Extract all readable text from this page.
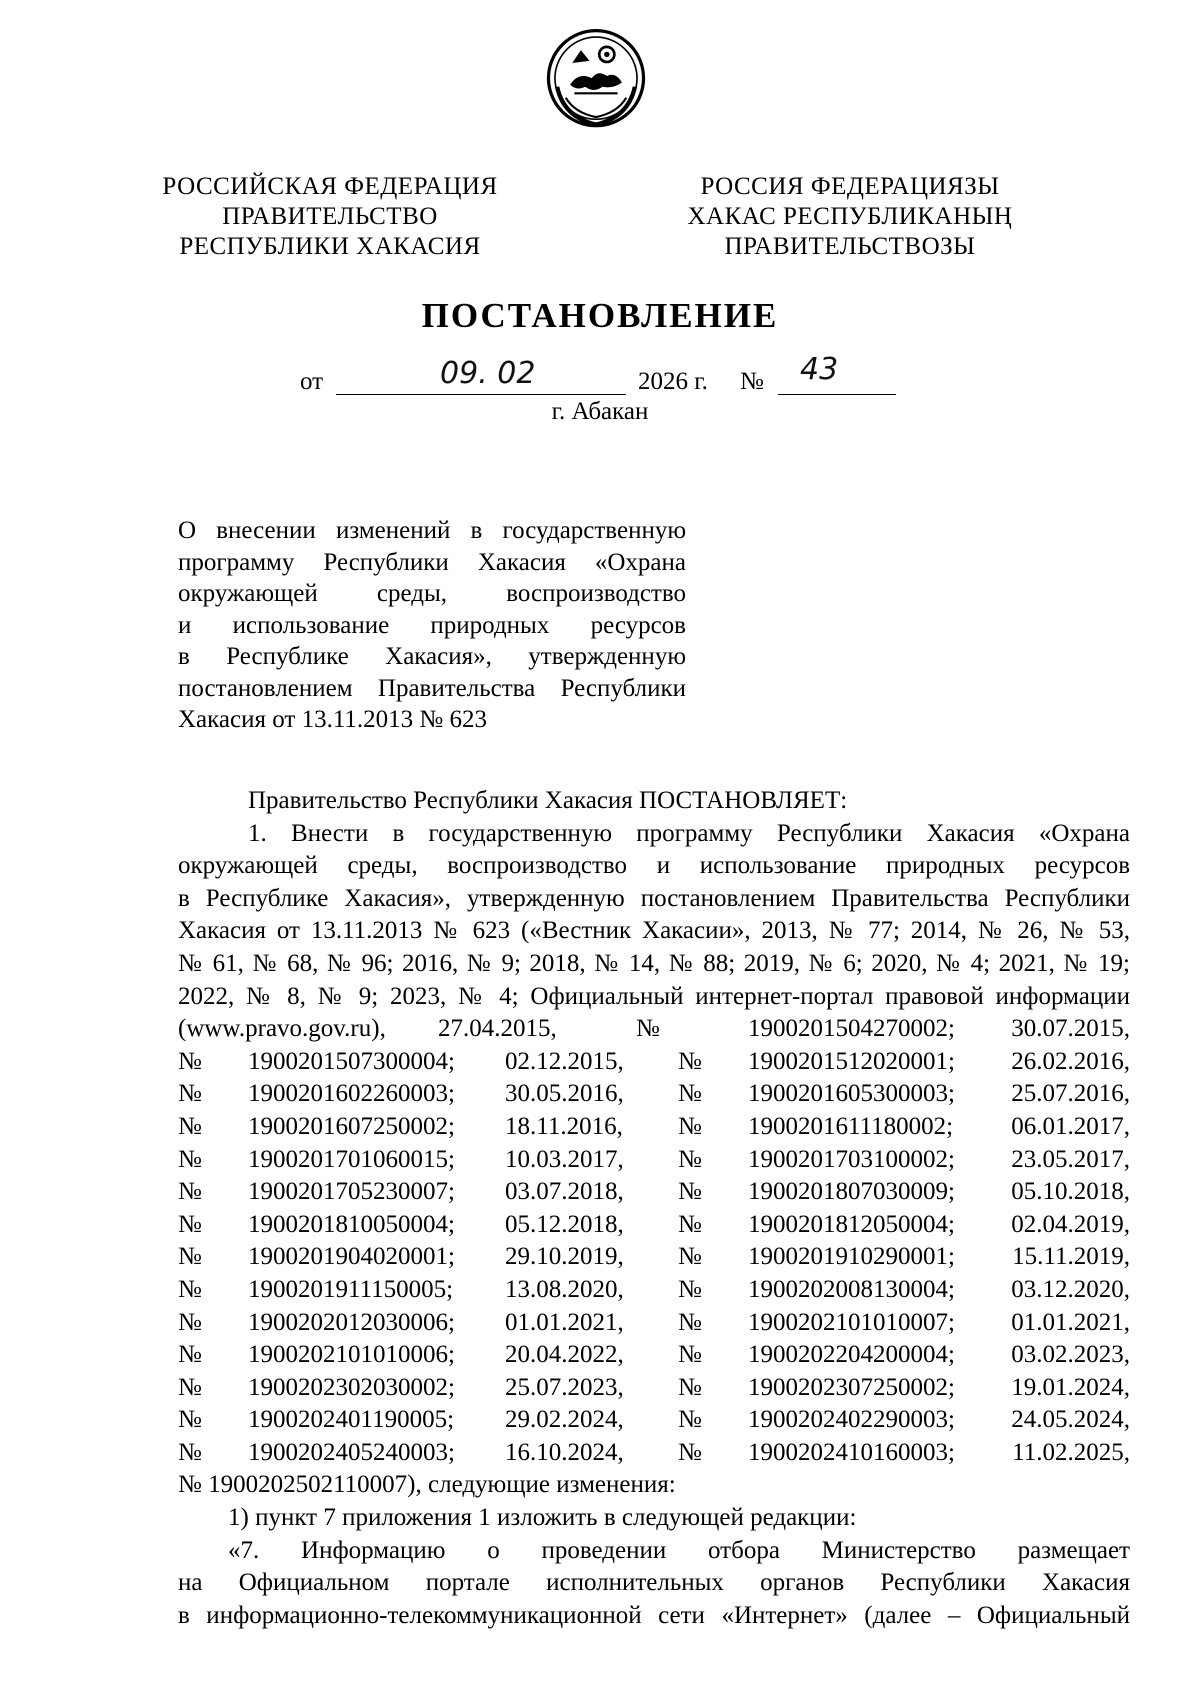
РОССИЙСКАЯ ФЕДЕРАЦИЯ
ПРАВИТЕЛЬСТВО
РЕСПУБЛИКИ ХАКАСИЯ
РОССИЯ ФЕДЕРАЦИЯЗЫ
ХАКАС РЕСПУБЛИКАНЫҢ
ПРАВИТЕЛЬСТВОЗЫ
ПОСТАНОВЛЕНИЕ
от	09. 02	2026 г. № 43
г. Абакан
О внесении изменений в государственную
программу Республики Хакасия «Охрана
окружающей среды, воспроизводство
и использование природных ресурсов
в Республике Хакасия», утвержденную
постановлением Правительства Республики
Хакасия от 13.11.2013 № 623
Правительство Республики Хакасия ПОСТАНОВЛЯЕТ:
1. Внести в государственную программу Республики Хакасия «Охрана
окружающей среды, воспроизводство и использование природных ресурсов
в Республике Хакасия», утвержденную постановлением Правительства Республики
Хакасия от 13.11.2013 № 623 («Вестник Хакасии», 2013, № 77; 2014, № 26, № 53,
№ 61, № 68, № 96; 2016, № 9; 2018, № 14, № 88; 2019, № 6; 2020, № 4; 2021, № 19;
2022, № 8, № 9; 2023, № 4; Официальный интернет-портал правовой информации
(www.pravo.gov.ru), 27.04.2015,	№	1900201504270002; 30.07.2015,
№ 1900201507300004; 02.12.2015, № 1900201512020001; 26.02.2016,
№ 1900201602260003; 30.05.2016, № 1900201605300003; 25.07.2016,
№ 1900201607250002; 18.11.2016, № 1900201611180002; 06.01.2017,
№ 1900201701060015; 10.03.2017, № 1900201703100002; 23.05.2017,
№ 1900201705230007; 03.07.2018, № 1900201807030009; 05.10.2018,
№ 1900201810050004; 05.12.2018, № 1900201812050004; 02.04.2019,
№ 1900201904020001; 29.10.2019, № 1900201910290001; 15.11.2019,
№ 1900201911150005; 13.08.2020, № 1900202008130004; 03.12.2020,
№ 1900202012030006; 01.01.2021, № 1900202101010007; 01.01.2021,
№ 1900202101010006; 20.04.2022, № 1900202204200004; 03.02.2023,
№ 1900202302030002; 25.07.2023, № 1900202307250002; 19.01.2024,
№ 1900202401190005; 29.02.2024, № 1900202402290003; 24.05.2024,
№ 1900202405240003; 16.10.2024, № 1900202410160003; 11.02.2025,
№ 1900202502110007), следующие изменения:
1) пункт 7 приложения 1 изложить в следующей редакции:
«7. Информацию о проведении отбора Министерство размещает
на Официальном портале исполнительных органов Республики Хакасия
в информационно-телекоммуникационной сети «Интернет» (далее – Официальный
